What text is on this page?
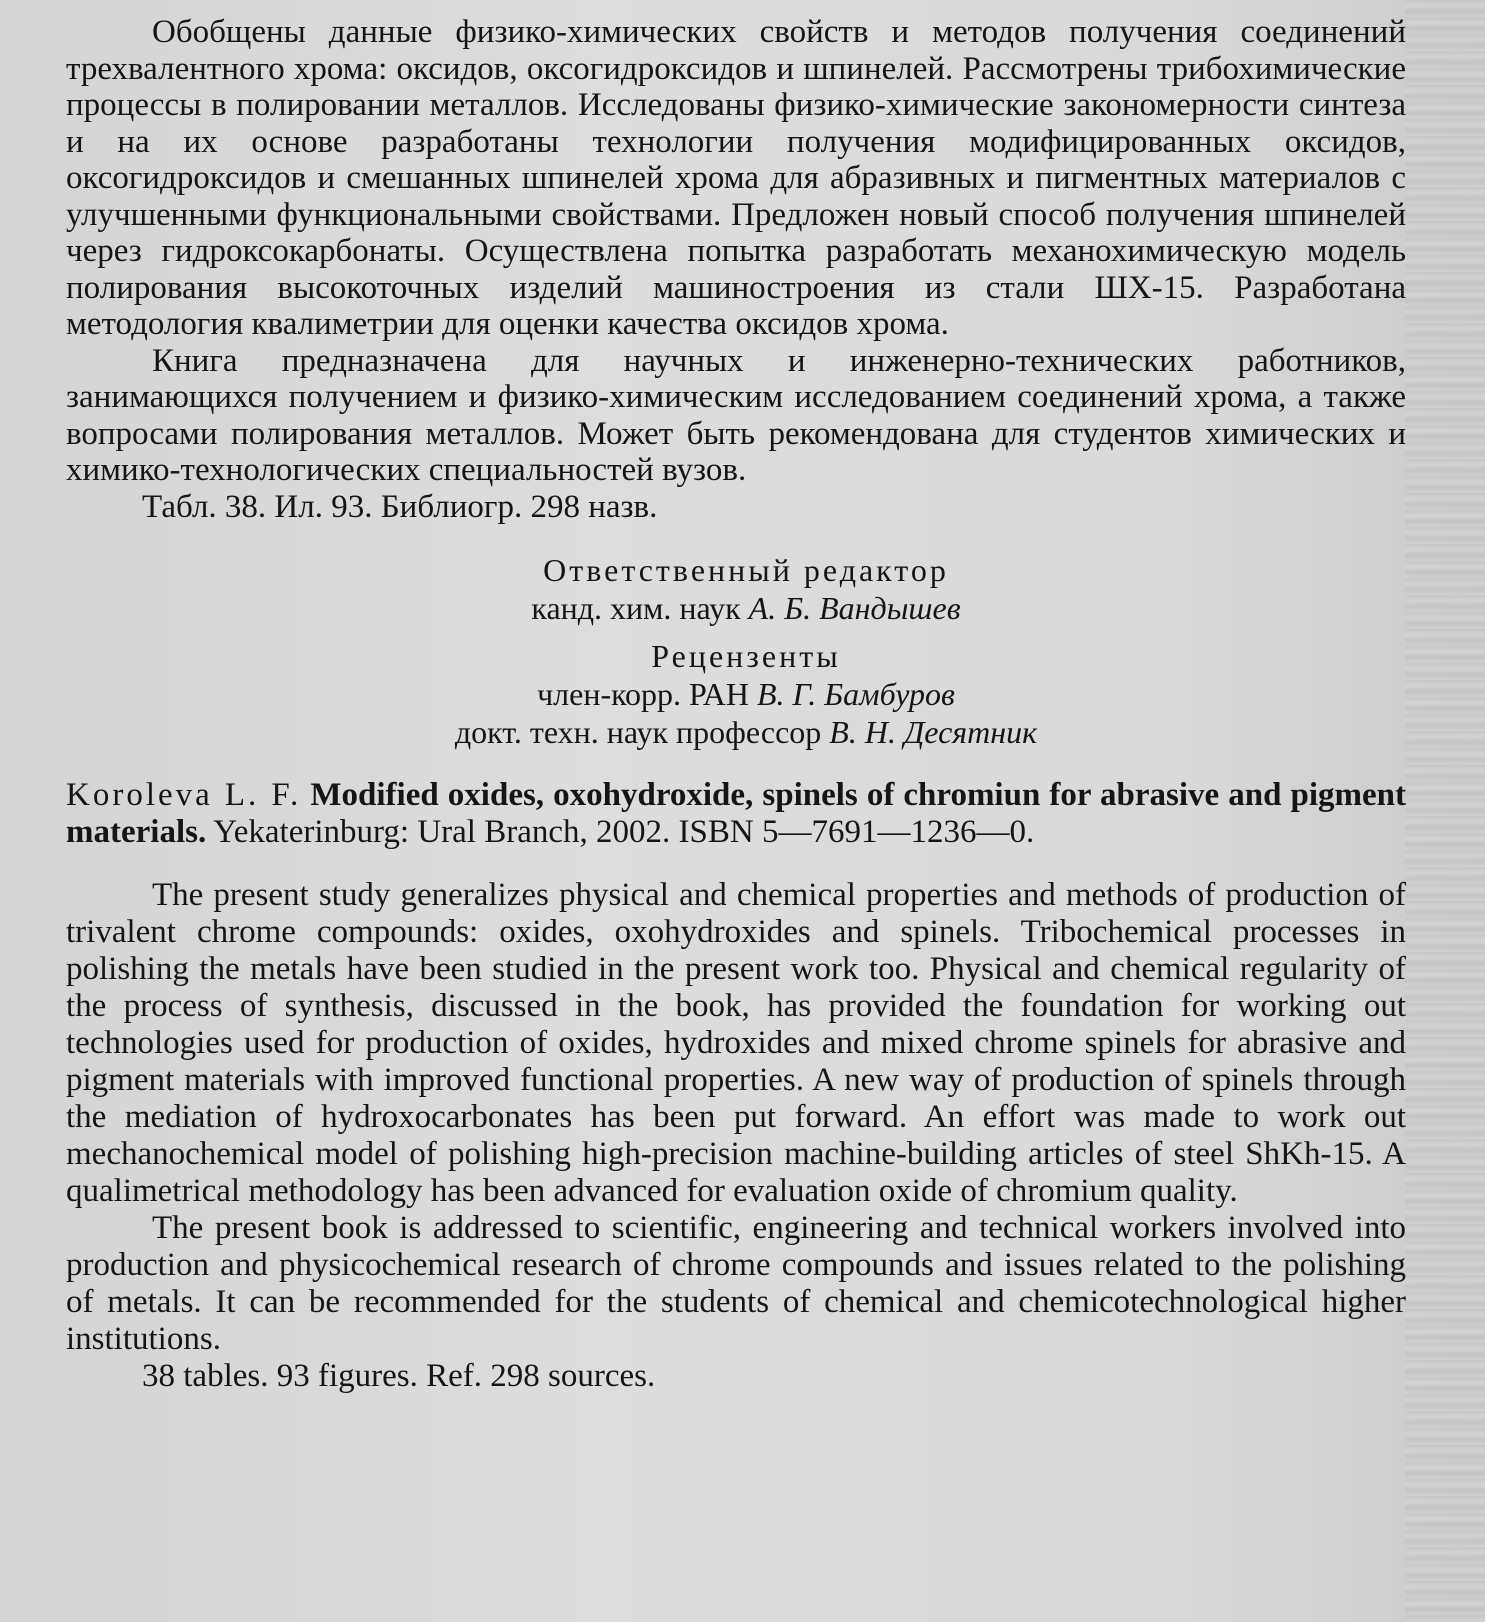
Обобщены данные физико-химических свойств и методов получения соединений трехвалентного хрома: оксидов, оксогидроксидов и шпинелей. Рассмотрены трибохимические процессы в полировании металлов. Исследованы физико-химические закономерности синтеза и на их основе разработаны технологии получения модифицированных оксидов, оксогидроксидов и смешанных шпинелей хрома для абразивных и пигментных материалов с улучшенными функциональными свойствами. Предложен новый способ получения шпинелей через гидроксокарбонаты. Осуществлена попытка разработать механохимическую модель полирования высокоточных изделий машиностроения из стали ШХ-15. Разработана методология квалиметрии для оценки качества оксидов хрома.

Книга предназначена для научных и инженерно-технических работников, занимающихся получением и физико-химическим исследованием соединений хрома, а также вопросами полирования металлов. Может быть рекомендована для студентов химических и химико-технологических специальностей вузов.

Табл. 38. Ил. 93. Библиогр. 298 назв.

Ответственный редактор

канд. хим. наук А. Б. Вандышев

Рецензенты

член-корр. РАН В. Г. Бамбуров

докт. техн. наук профессор В. Н. Десятник

Koroleva L. F. Modified oxides, oxohydroxide, spinels of chromiun for abrasive and pigment materials. Yekaterinburg: Ural Branch, 2002. ISBN 5—7691—1236—0.

The present study generalizes physical and chemical properties and methods of production of trivalent chrome compounds: oxides, oxohydroxides and spinels. Tribochemical processes in polishing the metals have been studied in the present work too. Physical and chemical regularity of the process of synthesis, discussed in the book, has provided the foundation for working out technologies used for production of oxides, hydroxides and mixed chrome spinels for abrasive and pigment materials with improved functional properties. A new way of production of spinels through the mediation of hydroxocarbonates has been put forward. An effort was made to work out mechanochemical model of polishing high-precision machine-building articles of steel ShKh-15. A qualimetrical methodology has been advanced for evaluation oxide of chromium quality.

The present book is addressed to scientific, engineering and technical workers involved into production and physicochemical research of chrome compounds and issues related to the polishing of metals. It can be recommended for the students of chemical and chemicotechnological higher institutions.

38 tables. 93 figures. Ref. 298 sources.
